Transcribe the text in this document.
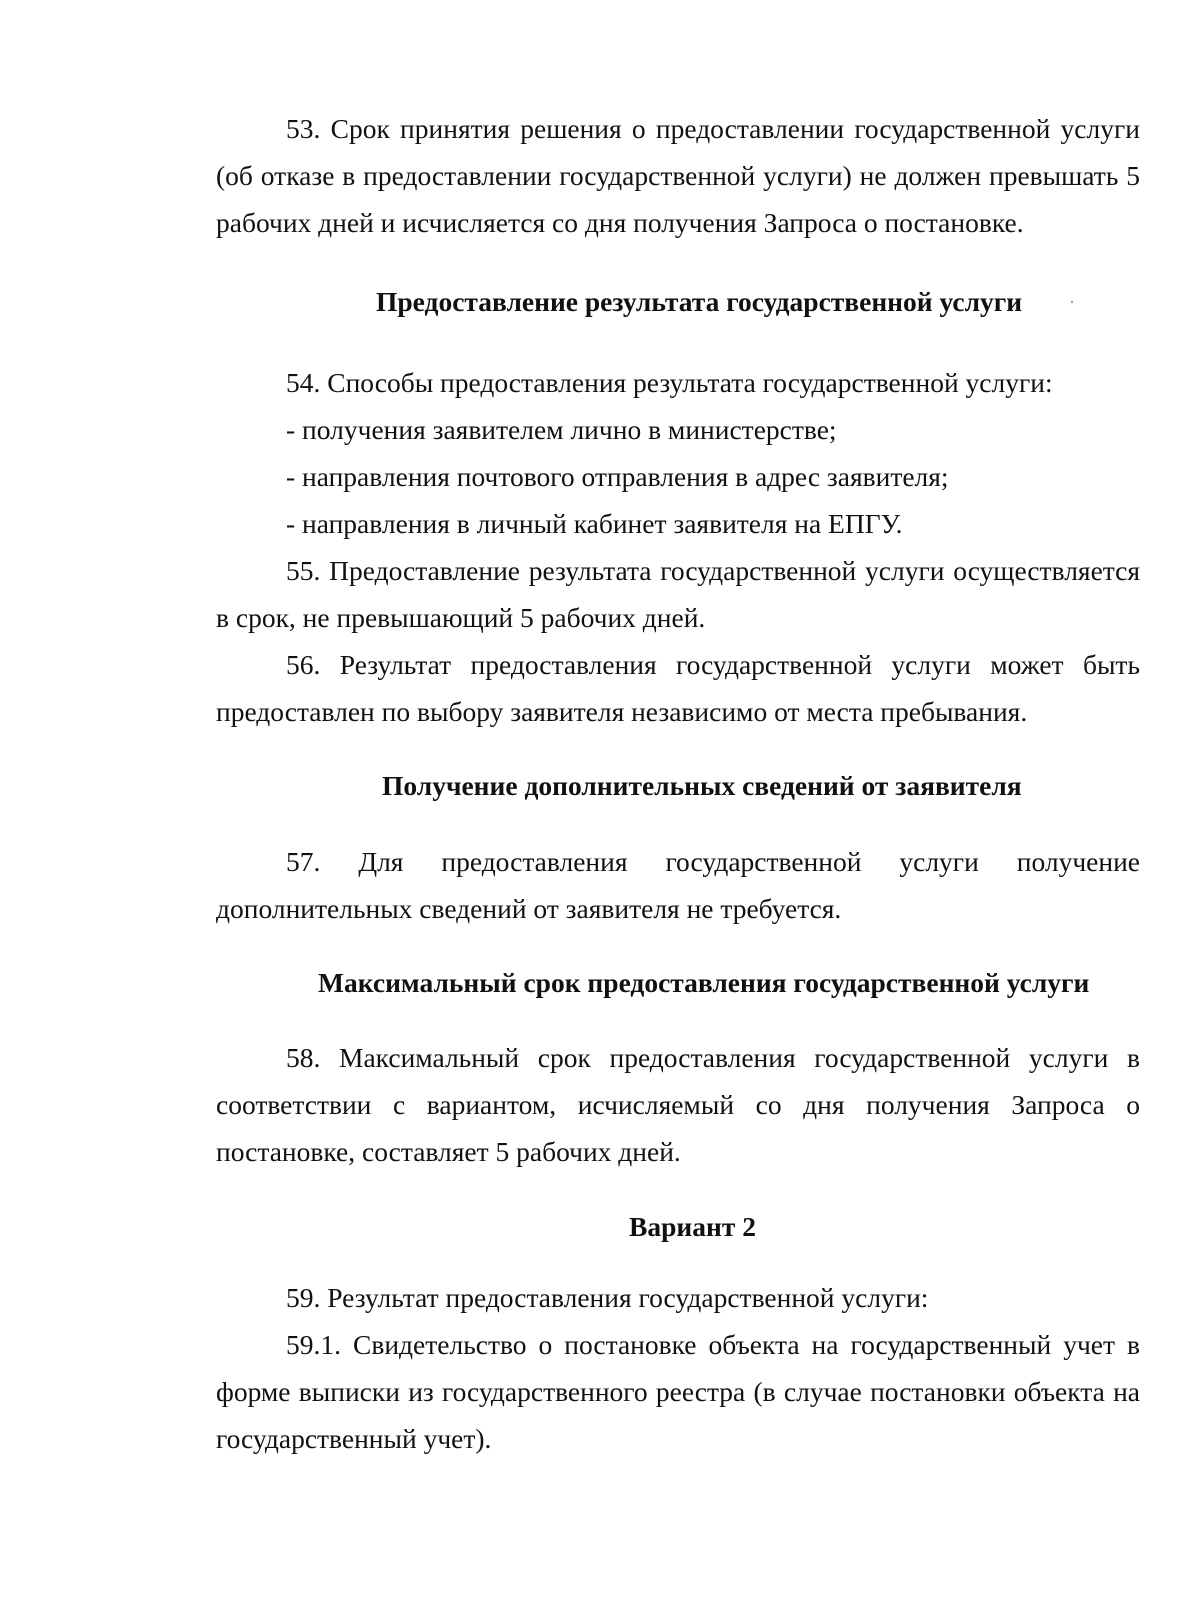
53. Срок принятия решения о предоставлении государственной услуги
(об отказе в предоставлении государственной услуги) не должен превышать 5
рабочих дней и исчисляется со дня получения Запроса о постановке.
Предоставление результата государственной услуги
54. Способы предоставления результата государственной услуги:
- получения заявителем лично в министерстве;
- направления почтового отправления в адрес заявителя;
- направления в личный кабинет заявителя на ЕПГУ.
55. Предоставление результата государственной услуги осуществляется
в срок, не превышающий 5 рабочих дней.
56. Результат предоставления государственной услуги может быть
предоставлен по выбору заявителя независимо от места пребывания.
Получение дополнительных сведений от заявителя
57. Для предоставления государственной услуги получение
дополнительных сведений от заявителя не требуется.
Максимальный срок предоставления государственной услуги
58. Максимальный срок предоставления государственной услуги в
соответствии с вариантом, исчисляемый со дня получения Запроса о
постановке, составляет 5 рабочих дней.
Вариант 2
59. Результат предоставления государственной услуги:
59.1. Свидетельство о постановке объекта на государственный учет в
форме выписки из государственного реестра (в случае постановки объекта на
государственный учет).
